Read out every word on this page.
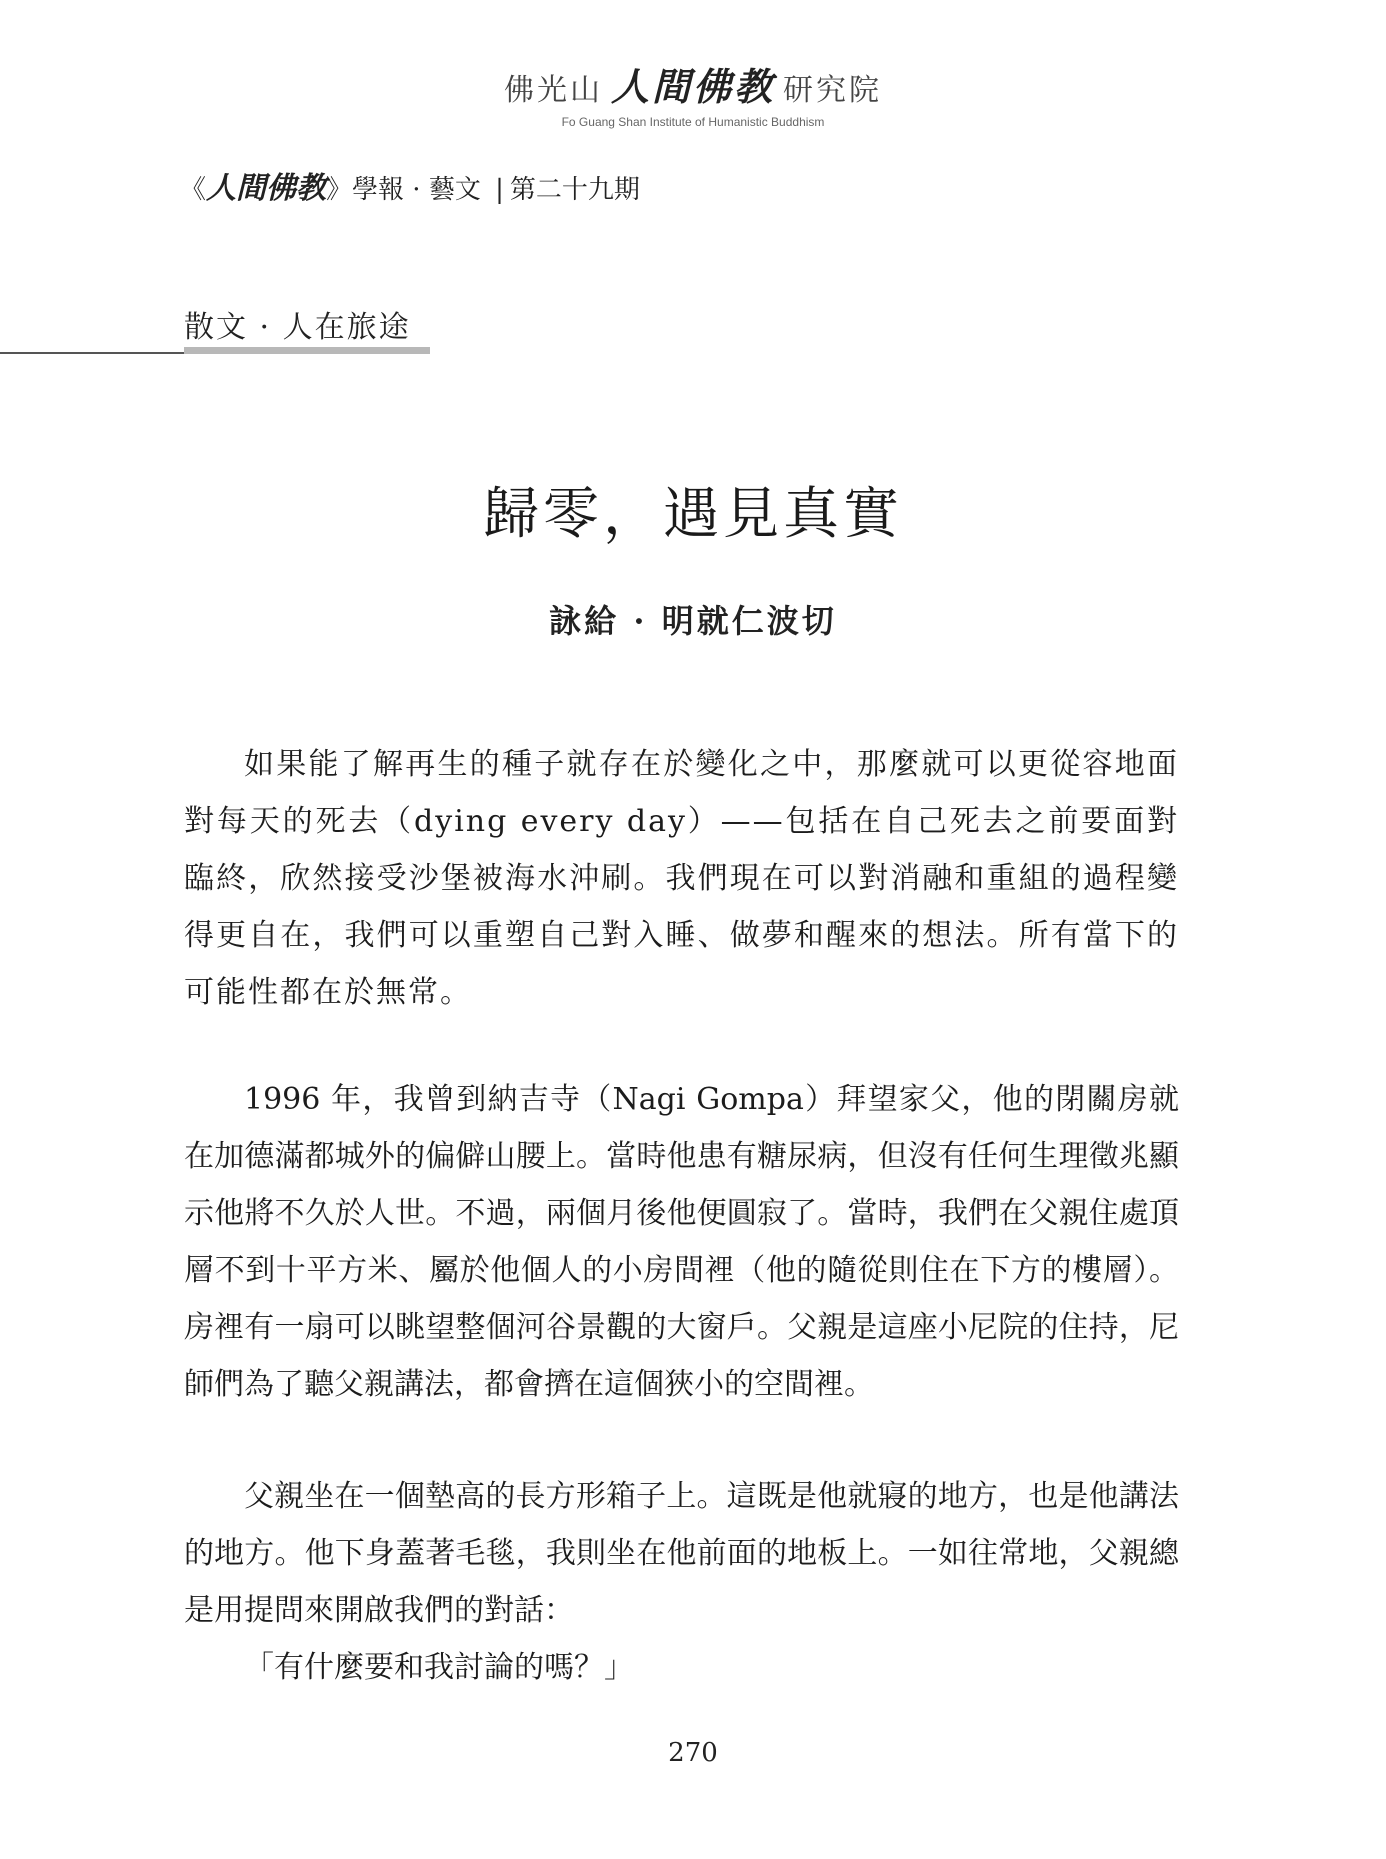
佛光山 人間佛教 研究院
Fo Guang Shan Institute of Humanistic Buddhism
《人間佛教》學報 · 藝文 | 第二十九期
散文 · 人在旅途
歸零，遇見真實
詠給 · 明就仁波切

如果能了解再生的種子就存在於變化之中，那麼就可以更從容地面對每天的死去（dying every day）——包括在自己死去之前要面對臨終，欣然接受沙堡被海水沖刷。我們現在可以對消融和重組的過程變得更自在，我們可以重塑自己對入睡、做夢和醒來的想法。所有當下的可能性都在於無常。

1996 年，我曾到納吉寺（Nagi Gompa）拜望家父，他的閉關房就在加德滿都城外的偏僻山腰上。當時他患有糖尿病，但沒有任何生理徵兆顯示他將不久於人世。不過，兩個月後他便圓寂了。當時，我們在父親住處頂層不到十平方米、屬於他個人的小房間裡（他的隨從則住在下方的樓層）。房裡有一扇可以眺望整個河谷景觀的大窗戶。父親是這座小尼院的住持，尼師們為了聽父親講法，都會擠在這個狹小的空間裡。

父親坐在一個墊高的長方形箱子上。這既是他就寢的地方，也是他講法的地方。他下身蓋著毛毯，我則坐在他前面的地板上。一如往常地，父親總是用提問來開啟我們的對話：

「有什麼要和我討論的嗎？」

270
